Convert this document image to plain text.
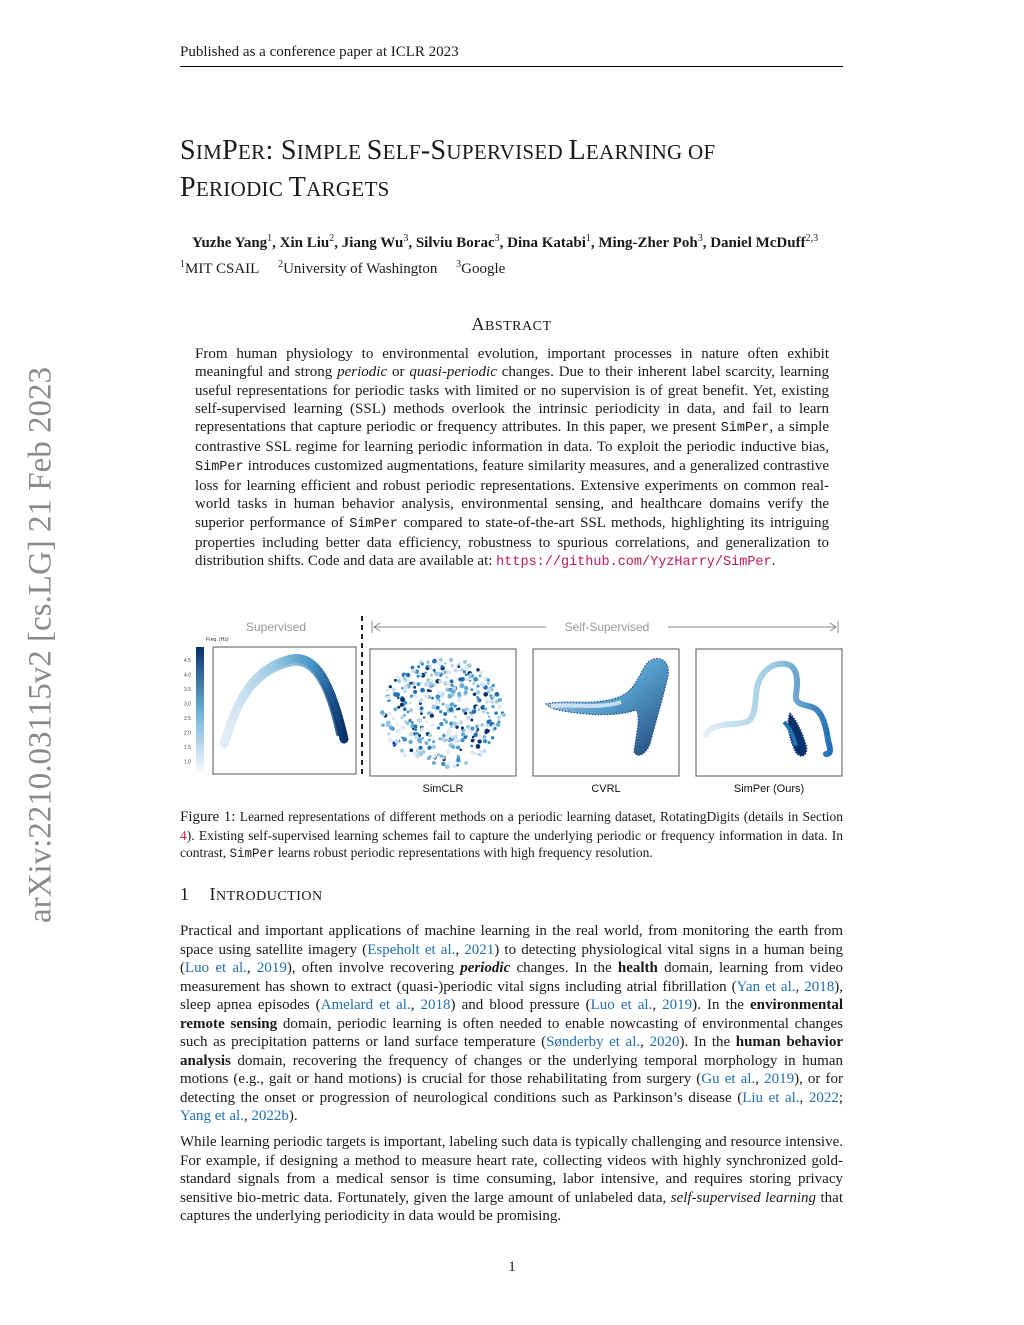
arXiv:2210.03115v2 [cs.LG] 21 Feb 2023
Published as a conference paper at ICLR 2023
SIMPER: SIMPLE SELF-SUPERVISED LEARNING OF
PERIODIC TARGETS
Yuzhe Yang$^1$, Xin Liu$^2$, Jiang Wu$^3$, Silviu Borac$^3$, Dina Katabi$^1$, Ming-Zher Poh$^3$, Daniel McDuff$^{2,3}$
$^1$MIT CSAIL $^2$University of Washington $^3$Google
ABSTRACT
From human physiology to environmental evolution, important processes in nature often exhibit meaningful and strong periodic or quasi-periodic changes. Due to their inherent label scarcity, learning useful representations for periodic tasks with limited or no supervision is of great benefit. Yet, existing self-supervised learning (SSL) methods overlook the intrinsic periodicity in data, and fail to learn representations that capture periodic or frequency attributes. In this paper, we present SimPer, a simple contrastive SSL regime for learning periodic information in data. To exploit the periodic inductive bias, SimPer introduces customized augmentations, feature similarity measures, and a generalized contrastive loss for learning efficient and robust periodic representations. Extensive experiments on common real-world tasks in human behavior analysis, environmental sensing, and healthcare domains verify the superior performance of SimPer compared to state-of-the-art SSL methods, highlighting its intriguing properties including better data efficiency, robustness to spurious correlations, and generalization to distribution shifts. Code and data are available at: https://github.com/YyzHarry/SimPer.
Supervised	Self-Supervised
Freq. (Hz)
4.5
4.0
3.5
3.0
2.5
2.0
1.5
1.0
SimCLR	CVRL	SimPer (Ours)
Figure 1: Learned representations of different methods on a periodic learning dataset, RotatingDigits (details in Section 4). Existing self-supervised learning schemes fail to capture the underlying periodic or frequency information in data. In contrast, SimPer learns robust periodic representations with high frequency resolution.
1 INTRODUCTION
Practical and important applications of machine learning in the real world, from monitoring the earth from space using satellite imagery (Espeholt et al., 2021) to detecting physiological vital signs in a human being (Luo et al., 2019), often involve recovering periodic changes. In the health domain, learning from video measurement has shown to extract (quasi-)periodic vital signs including atrial fibrillation (Yan et al., 2018), sleep apnea episodes (Amelard et al., 2018) and blood pressure (Luo et al., 2019). In the environmental remote sensing domain, periodic learning is often needed to enable nowcasting of environmental changes such as precipitation patterns or land surface temperature (Sønderby et al., 2020). In the human behavior analysis domain, recovering the frequency of changes or the underlying temporal morphology in human motions (e.g., gait or hand motions) is crucial for those rehabilitating from surgery (Gu et al., 2019), or for detecting the onset or progression of neurological conditions such as Parkinson’s disease (Liu et al., 2022; Yang et al., 2022b).
While learning periodic targets is important, labeling such data is typically challenging and resource intensive. For example, if designing a method to measure heart rate, collecting videos with highly synchronized gold-standard signals from a medical sensor is time consuming, labor intensive, and requires storing privacy sensitive bio-metric data. Fortunately, given the large amount of unlabeled data, self-supervised learning that captures the underlying periodicity in data would be promising.
1
